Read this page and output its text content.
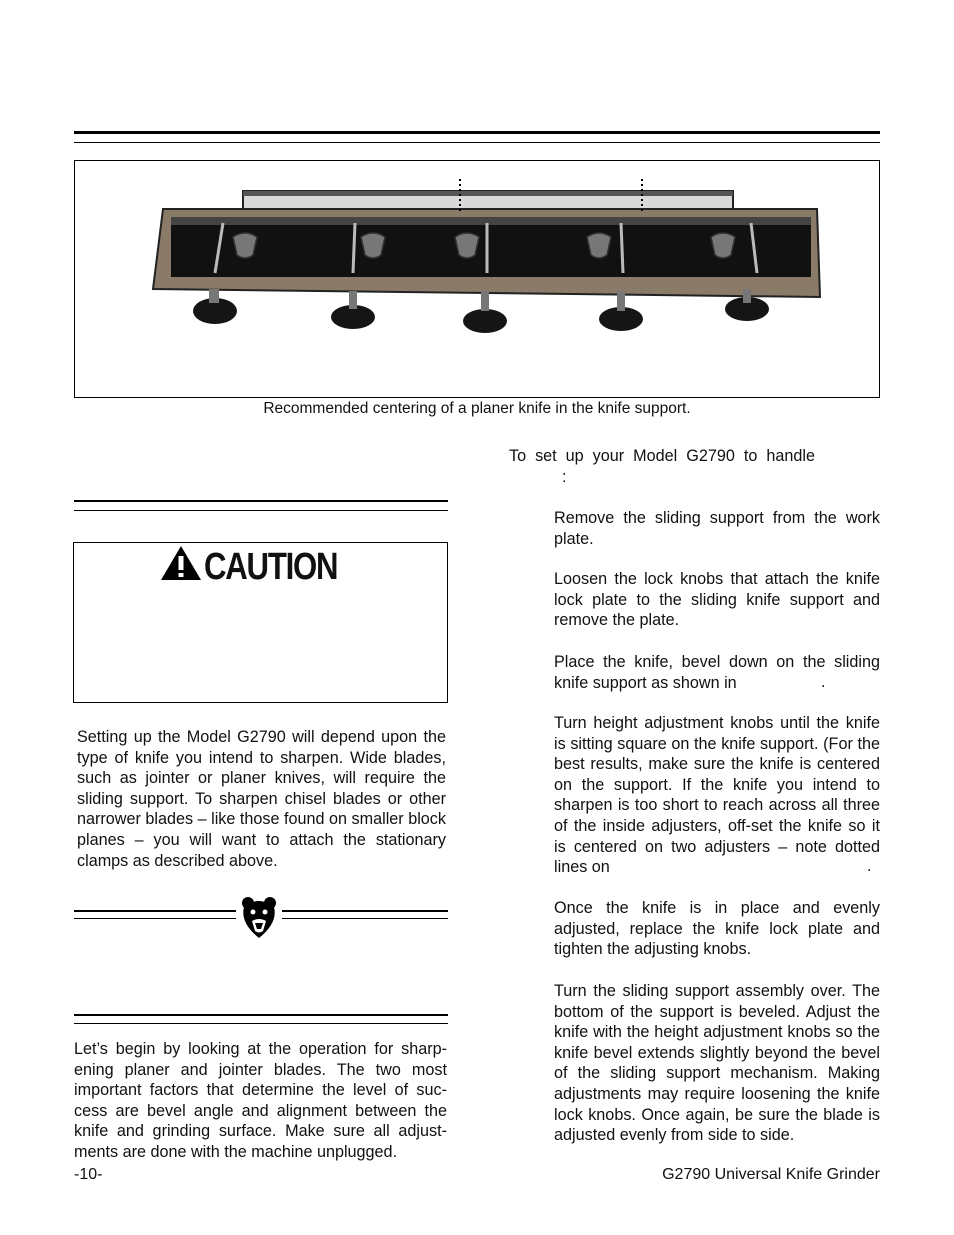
Recommended centering of a planer knife in the knife support.
CAUTION

Setting up the Model G2790 will depend upon the type of knife you intend to sharpen. Wide blades, such as jointer or planer knives, will require the sliding support. To sharpen chisel blades or other narrower blades – like those found on smaller block planes – you will want to attach the stationary clamps as described above.

Let’s begin by looking at the operation for sharp-ening planer and jointer blades. The two most important factors that determine the level of suc-cess are bevel angle and alignment between the knife and grinding surface. Make sure all adjust-ments are done with the machine unplugged.

To  set  up  your  Model  G2790  to  handle
:

Remove the sliding support from the work plate.

Loosen the lock knobs that attach the knife lock plate to the sliding knife support and remove the plate.

Place the knife, bevel down on the sliding knife support as shown in	.

Turn height adjustment knobs until the knife is sitting square on the knife support. (For the best results, make sure the knife is centered on the support. If the knife you intend to sharpen is too short to reach across all three of the inside adjusters, off-set the knife so it is centered on two adjusters – note dotted lines on	.

Once the knife is in place and evenly adjusted, replace the knife lock plate and tighten the adjusting knobs.

Turn the sliding support assembly over. The bottom of the support is beveled. Adjust the knife with the height adjustment knobs so the knife bevel extends slightly beyond the bevel of the sliding support mechanism. Making adjustments may require loosening the knife lock knobs. Once again, be sure the blade is adjusted evenly from side to side.

-10-	G2790 Universal Knife Grinder
